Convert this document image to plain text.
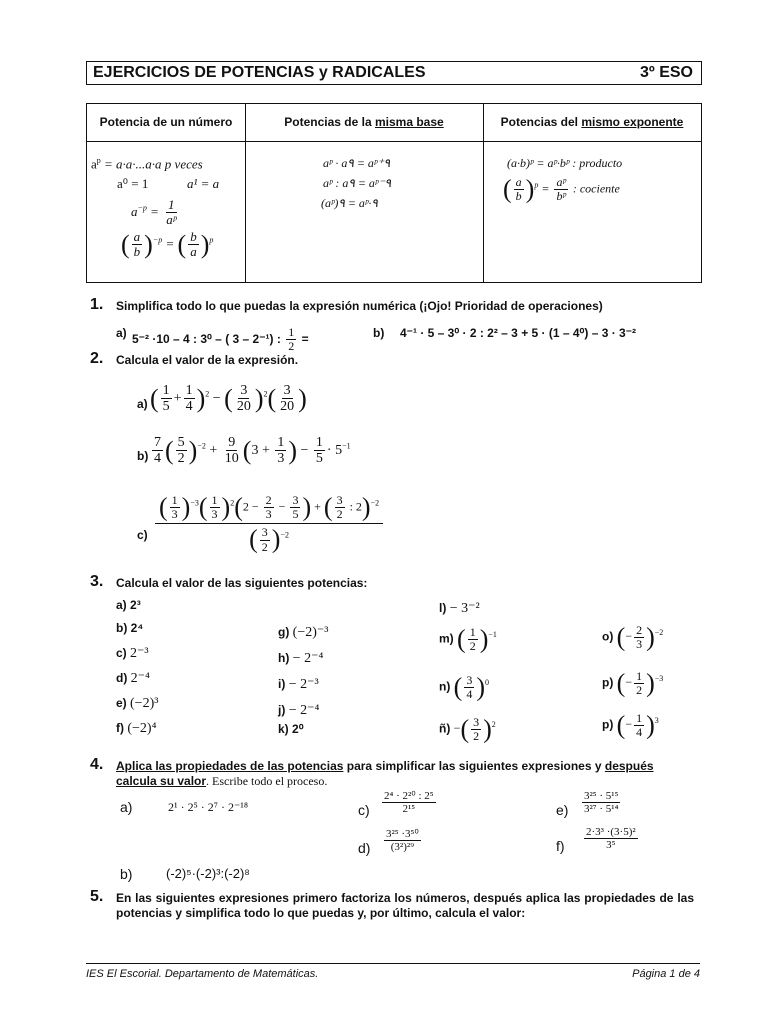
EJERCICIOS DE POTENCIAS y RADICALES	3º ESO
Potencia de un número	Potencias de la misma base	Potencias del mismo exponente
$a^p = a\cdot a\cdot...a\cdot a$ p veces
a⁰ = 1	a¹ = a
$a^{-p} = \frac{1}{\text{aᵖ}}$
( $\frac{a}{b} )^{-p}$ = ( $\frac{b}{a} )^p$
aᵖ · a۹ = aᵖ⁺۹
aᵖ : a۹ = aᵖ⁻۹
(aᵖ)۹ = aᵖ·۹
(a·b)ᵖ = aᵖ·bᵖ : producto
( $\frac{a}{b} )^p = \frac{\text{aᵖ}}{\text{bᵖ}}$ : cociente
1. Simplifica todo lo que puedas la expresión numérica (¡Ojo! Prioridad de operaciones)
a) 5⁻² ·10 – 4 : 3⁰ – ( 3 – 2⁻¹) : $\frac{1}{2}$ =	b) 4⁻¹ · 5 – 3⁰ · 2 : 2² – 3 + 5 · (1 – 4⁰) – 3 · 3⁻²
2. Calcula el valor de la expresión.
a) ( $\frac{1}{5} + \frac{1}{4} )^2$ − ( $\frac{3}{20} )^2( \frac{3}{20}$ )
$b) \frac{7}{4}$ ( $\frac{5}{2} )^{-2} + \frac{9}{10} (3 + \frac{1}{3}$ ) − $\frac{1}{5} \cdot 5^{-1}$
c)
( $\frac{1}{3} )^{-3}( \frac{1}{3} )^2(2 - \frac{2}{3} - \frac{3}{5}$ ) + ( $\frac{3}{2}$ : 2)$^{-2}$
( $\frac{3}{2} )^{-2}$
3. Calcula el valor de las siguientes potencias:
a) 2³
b) 2⁴
c) 2⁻³
d) 2⁻⁴
e) (−2)³
f) (−2)⁴
g) (−2)⁻³
h) − 2⁻⁴
i) − 2⁻³
j) − 2⁻⁴
k) 2⁰
l) − 3⁻²
m) ( $\frac{1}{2} )^{-1}$
n) ( $\frac{3}{4} )^0$
ñ) −( $\frac{3}{2} )^2$
o) (− $\frac{2}{3} )^{-2}$
p) (− $\frac{1}{2} )^{-3}$
p) (− $\frac{1}{4} )^3$
4. Aplica las propiedades de las potencias para simplificar las siguientes expresiones y después calcula su valor. Escribe todo el proceso.
a)	2¹ · 2⁵ · 2⁷ · 2⁻¹⁸	$c) \frac{\text{2⁴ · 2²⁰ : 2⁵}}{\text{2¹⁵}}$	$e) \frac{\text{3²⁵ · 5¹⁵}}{\text{3²⁷ · 5¹⁴}}$
$d) \frac{\text{3²⁵ ·3⁵⁰}}{\text{(3²)²⁹}}$	$f) \frac{\text{2·3³ ·(3·5)²}}{\text{3⁵}}$
b)	(-2)⁵·(-2)³:(-2)⁸
5. En las siguientes expresiones primero factoriza los números, después aplica las propiedades de las potencias y simplifica todo lo que puedas y, por último, calcula el valor:
IES El Escorial. Departamento de Matemáticas.	Página 1 de 4
